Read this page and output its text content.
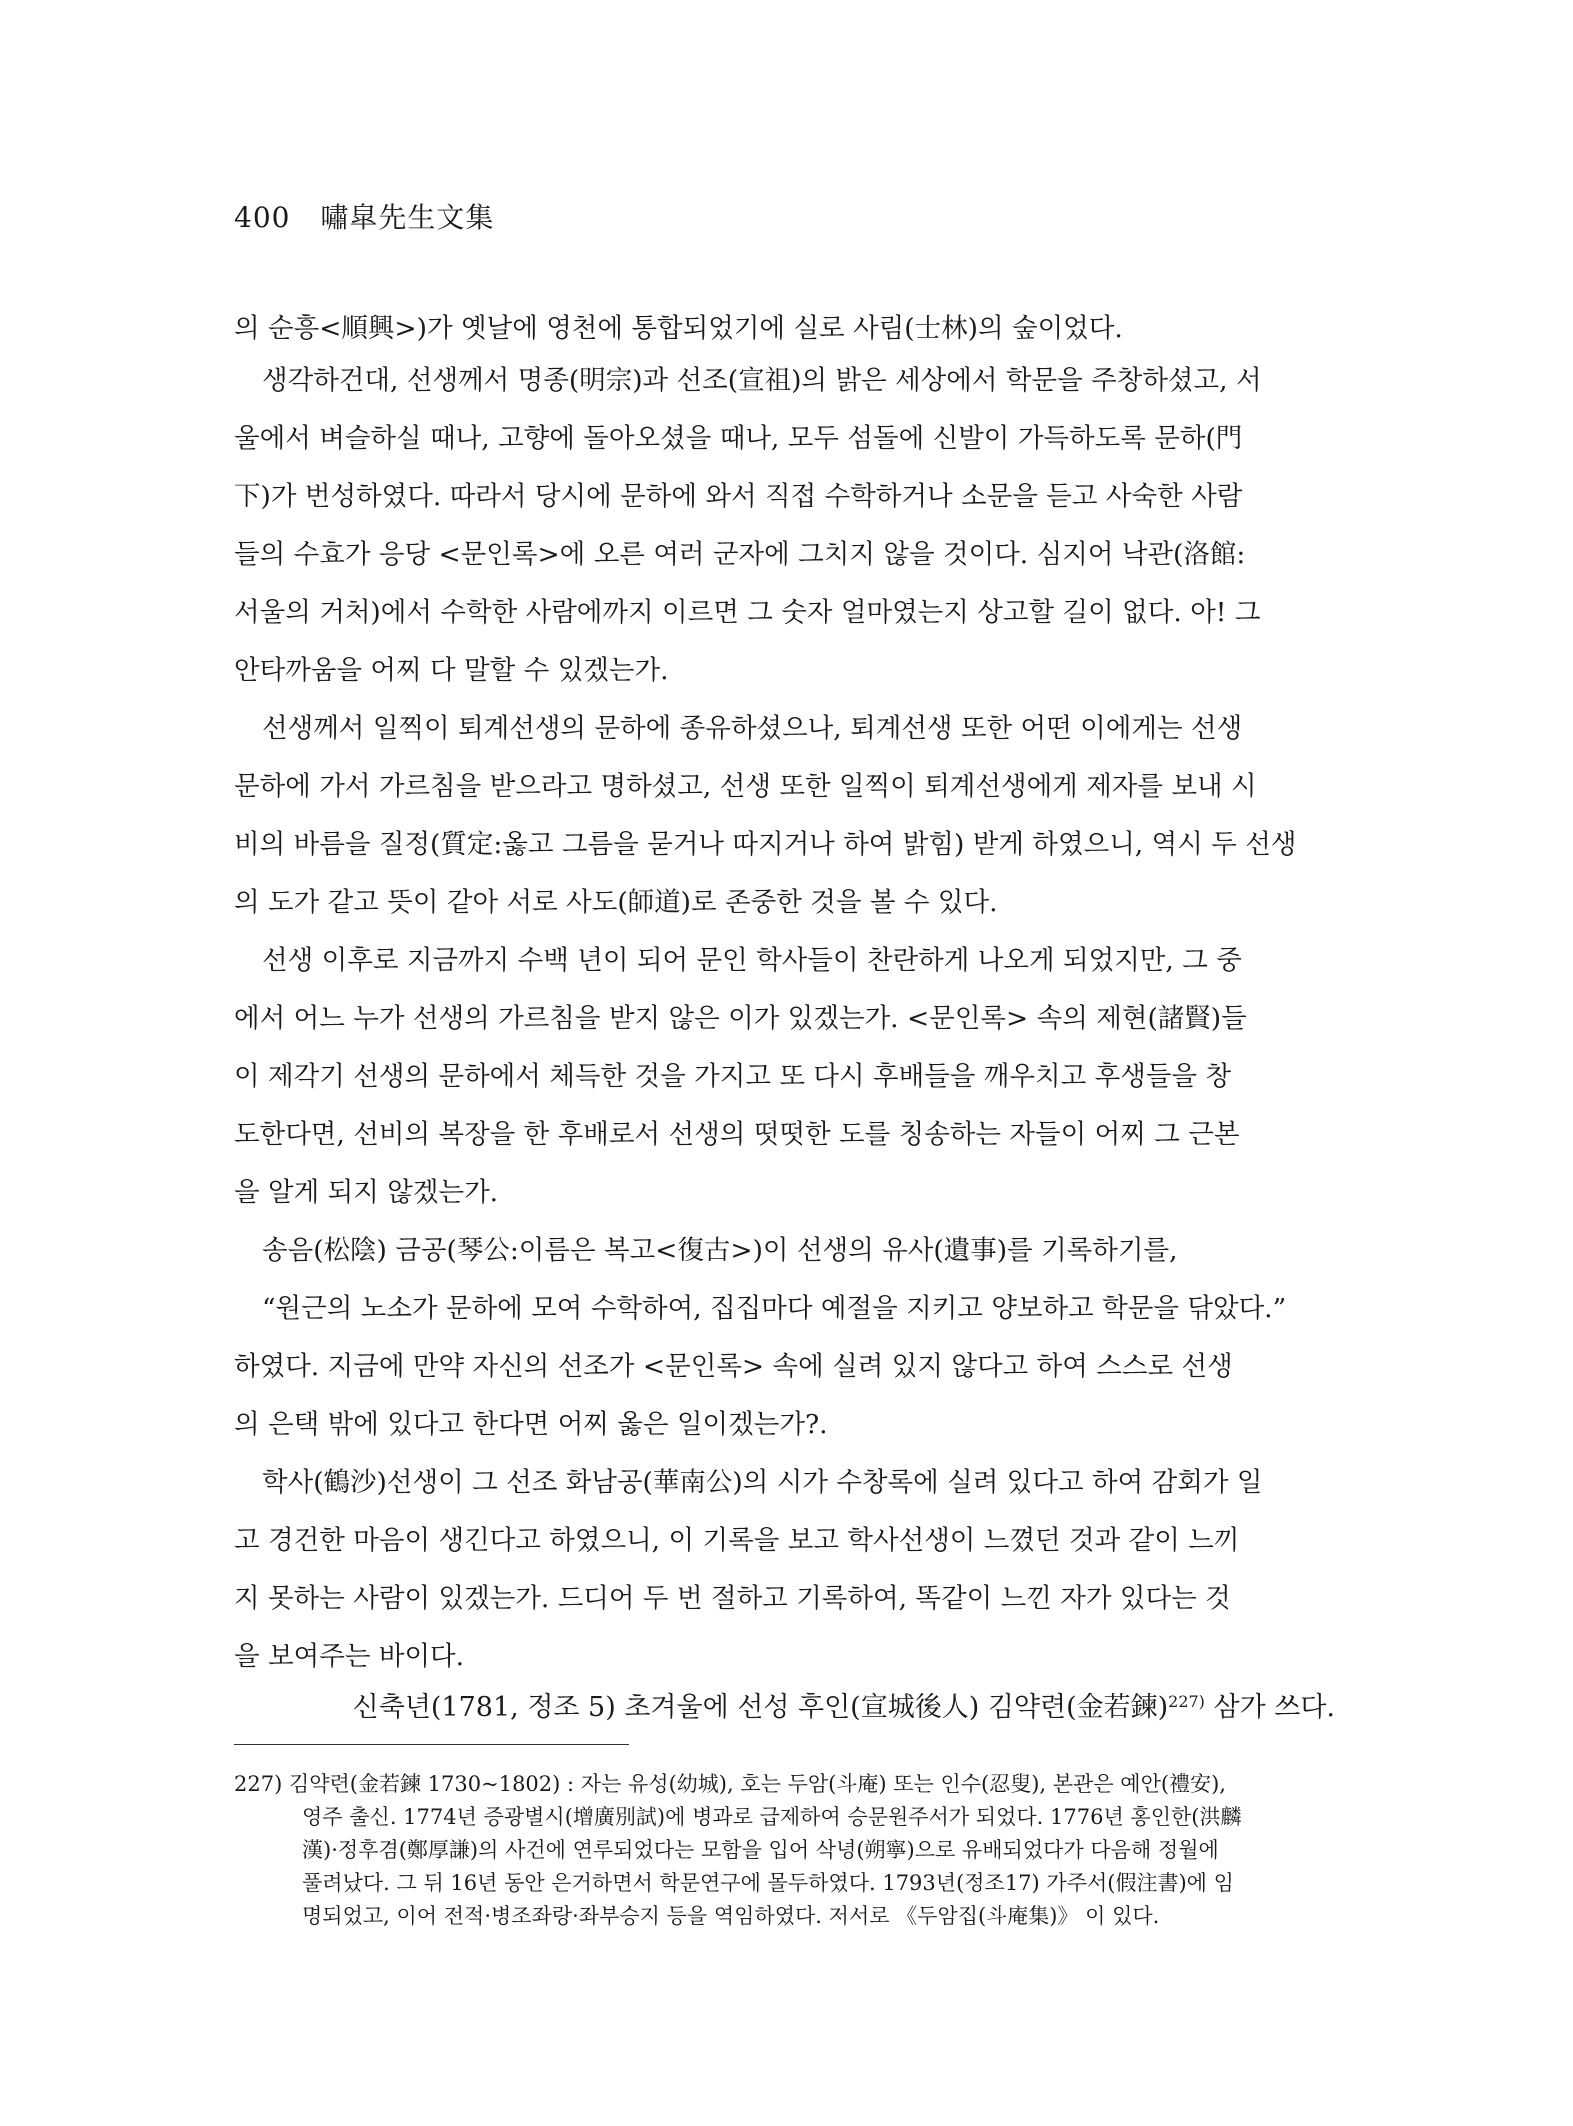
400 嘯皐先生文集
의 순흥<順興>)가 옛날에 영천에 통합되었기에 실로 사림(士林)의 숲이었다.
생각하건대, 선생께서 명종(明宗)과 선조(宣祖)의 밝은 세상에서 학문을 주창하셨고, 서
울에서 벼슬하실 때나, 고향에 돌아오셨을 때나, 모두 섬돌에 신발이 가득하도록 문하(門
下)가 번성하였다. 따라서 당시에 문하에 와서 직접 수학하거나 소문을 듣고 사숙한 사람
들의 수효가 응당 <문인록>에 오른 여러 군자에 그치지 않을 것이다. 심지어 낙관(洛館:
서울의 거처)에서 수학한 사람에까지 이르면 그 숫자 얼마였는지 상고할 길이 없다. 아! 그
안타까움을 어찌 다 말할 수 있겠는가.
선생께서 일찍이 퇴계선생의 문하에 종유하셨으나, 퇴계선생 또한 어떤 이에게는 선생
문하에 가서 가르침을 받으라고 명하셨고, 선생 또한 일찍이 퇴계선생에게 제자를 보내 시
비의 바름을 질정(質定:옳고 그름을 묻거나 따지거나 하여 밝힘) 받게 하였으니, 역시 두 선생
의 도가 같고 뜻이 같아 서로 사도(師道)로 존중한 것을 볼 수 있다.
선생 이후로 지금까지 수백 년이 되어 문인 학사들이 찬란하게 나오게 되었지만, 그 중
에서 어느 누가 선생의 가르침을 받지 않은 이가 있겠는가. <문인록> 속의 제현(諸賢)들
이 제각기 선생의 문하에서 체득한 것을 가지고 또 다시 후배들을 깨우치고 후생들을 창
도한다면, 선비의 복장을 한 후배로서 선생의 떳떳한 도를 칭송하는 자들이 어찌 그 근본
을 알게 되지 않겠는가.
송음(松陰) 금공(琴公:이름은 복고<復古>)이 선생의 유사(遺事)를 기록하기를,
“원근의 노소가 문하에 모여 수학하여, 집집마다 예절을 지키고 양보하고 학문을 닦았다.”
하였다. 지금에 만약 자신의 선조가 <문인록> 속에 실려 있지 않다고 하여 스스로 선생
의 은택 밖에 있다고 한다면 어찌 옳은 일이겠는가?.
학사(鶴沙)선생이 그 선조 화남공(華南公)의 시가 수창록에 실려 있다고 하여 감회가 일
고 경건한 마음이 생긴다고 하였으니, 이 기록을 보고 학사선생이 느꼈던 것과 같이 느끼
지 못하는 사람이 있겠는가. 드디어 두 번 절하고 기록하여, 똑같이 느낀 자가 있다는 것
을 보여주는 바이다.
신축년(1781, 정조 5) 초겨울에 선성 후인(宣城後人) 김약련(金若鍊)$^{227)}$ 삼가 쓰다.
227) 김약련(金若鍊 1730~1802) : 자는 유성(幼城), 호는 두암(斗庵) 또는 인수(忍叟), 본관은 예안(禮安),
영주 출신. 1774년 증광별시(增廣別試)에 병과로 급제하여 승문원주서가 되었다. 1776년 홍인한(洪麟
漢)·정후겸(鄭厚謙)의 사건에 연루되었다는 모함을 입어 삭녕(朔寧)으로 유배되었다가 다음해 정월에
풀려났다. 그 뒤 16년 동안 은거하면서 학문연구에 몰두하였다. 1793년(정조17) 가주서(假注書)에 임
명되었고, 이어 전적·병조좌랑·좌부승지 등을 역임하였다. 저서로 《두암집(斗庵集)》 이 있다.
